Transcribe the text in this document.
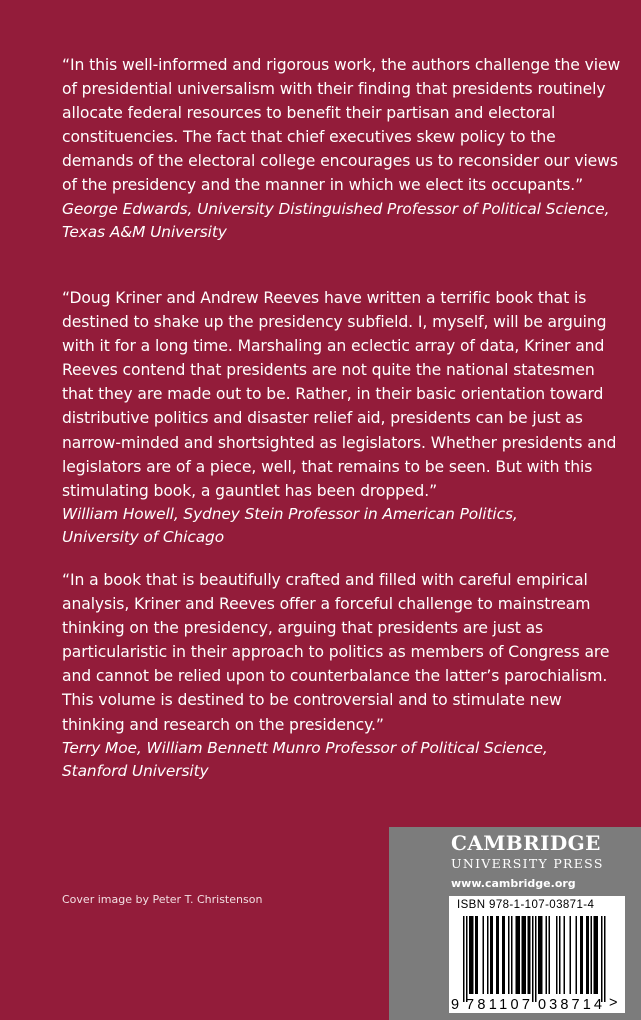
“In this well-informed and rigorous work, the authors challenge the view of presidential universalism with their finding that presidents routinely allocate federal resources to benefit their partisan and electoral constituencies. The fact that chief executives skew policy to the demands of the electoral college encourages us to reconsider our views of the presidency and the manner in which we elect its occupants.”

George Edwards, University Distinguished Professor of Political Science,

Texas A&M University

“Doug Kriner and Andrew Reeves have written a terrific book that is destined to shake up the presidency subfield. I, myself, will be arguing with it for a long time. Marshaling an eclectic array of data, Kriner and Reeves contend that presidents are not quite the national statesmen that they are made out to be. Rather, in their basic orientation toward distributive politics and disaster relief aid, presidents can be just as narrow-minded and shortsighted as legislators. Whether presidents and legislators are of a piece, well, that remains to be seen. But with this stimulating book, a gauntlet has been dropped.”

William Howell, Sydney Stein Professor in American Politics,

University of Chicago

“In a book that is beautifully crafted and filled with careful empirical analysis, Kriner and Reeves offer a forceful challenge to mainstream thinking on the presidency, arguing that presidents are just as particularistic in their approach to politics as members of Congress are and cannot be relied upon to counterbalance the latter’s parochialism. This volume is destined to be controversial and to stimulate new thinking and research on the presidency.”

Terry Moe, William Bennett Munro Professor of Political Science,

Stanford University

Cover image by Peter T. Christenson
CAMBRIDGE
UNIVERSITY PRESS
www.cambridge.org
ISBN 978-1-107-03871-4
9 781107 038714 >
